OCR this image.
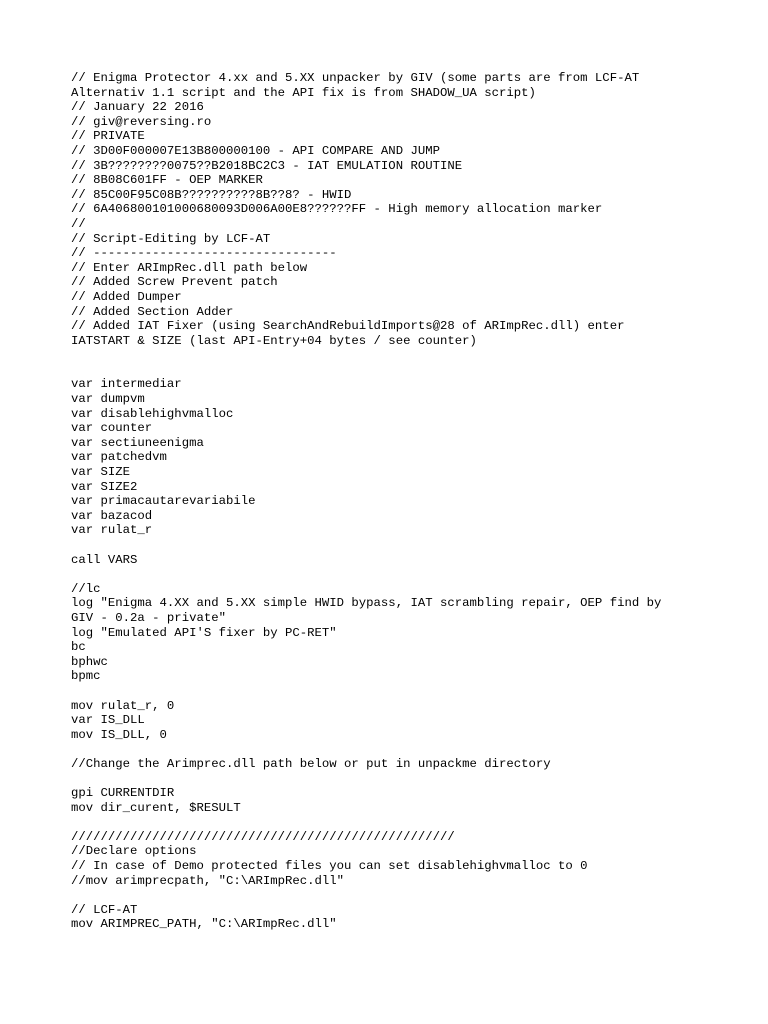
// Enigma Protector 4.xx and 5.XX unpacker by GIV (some parts are from LCF-AT
Alternativ 1.1 script and the API fix is from SHADOW_UA script)
// January 22 2016
// giv@reversing.ro
// PRIVATE
// 3D00F000007E13B800000100 - API COMPARE AND JUMP
// 3B????????0075??B2018BC2C3 - IAT EMULATION ROUTINE
// 8B08C601FF - OEP MARKER
// 85C00F95C08B??????????8B??8? - HWID
// 6A406800101000680093D006A00E8??????FF - High memory allocation marker
//
// Script-Editing by LCF-AT
// ---------------------------------
// Enter ARImpRec.dll path below
// Added Screw Prevent patch
// Added Dumper
// Added Section Adder
// Added IAT Fixer (using SearchAndRebuildImports@28 of ARImpRec.dll) enter
IATSTART & SIZE (last API-Entry+04 bytes / see counter)
var intermediar
var dumpvm
var disablehighvmalloc
var counter
var sectiuneenigma
var patchedvm
var SIZE
var SIZE2
var primacautarevariabile
var bazacod
var rulat_r
call VARS
//lc
log "Enigma 4.XX and 5.XX simple HWID bypass, IAT scrambling repair, OEP find by
GIV - 0.2a - private"
log "Emulated API'S fixer by PC-RET"
bc
bphwc
bpmc
mov rulat_r, 0
var IS_DLL
mov IS_DLL, 0
//Change the Arimprec.dll path below or put in unpackme directory
gpi CURRENTDIR
mov dir_curent, $RESULT
////////////////////////////////////////////////////
//Declare options
// In case of Demo protected files you can set disablehighvmalloc to 0
//mov arimprecpath, "C:\ARImpRec.dll"
// LCF-AT
mov ARIMPREC_PATH, "C:\ARImpRec.dll"
